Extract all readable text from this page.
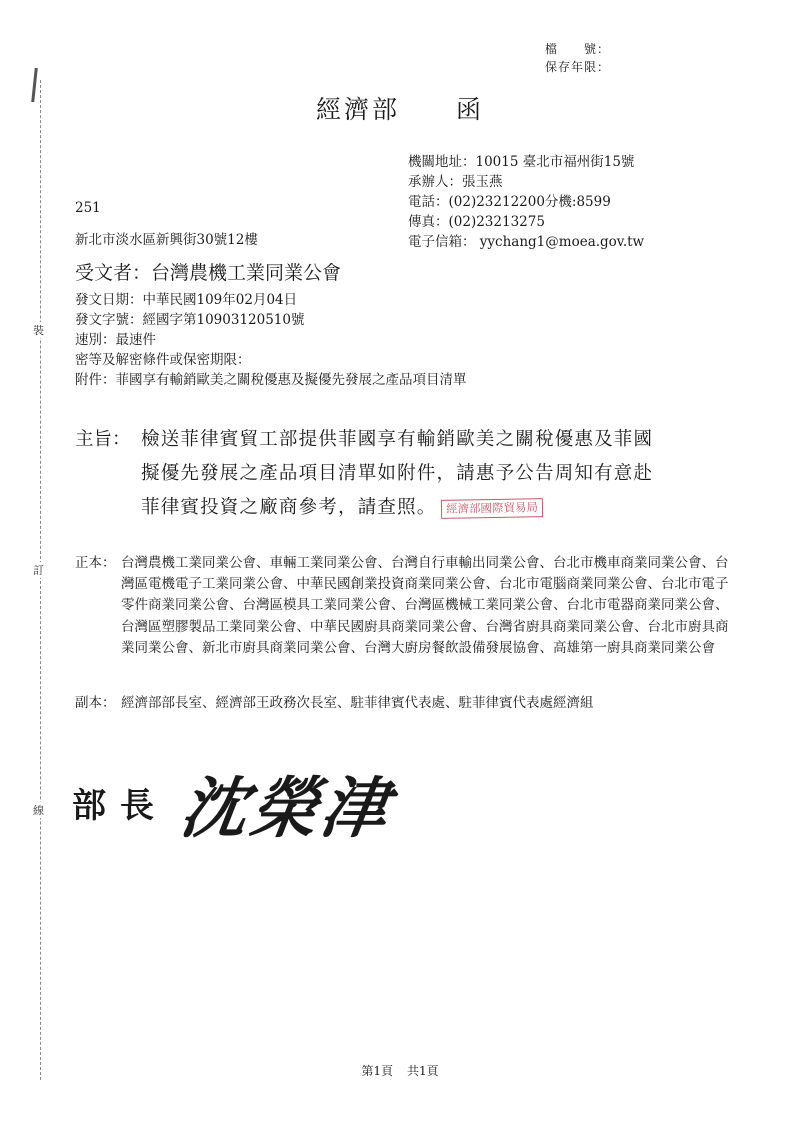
裝
訂
線
檔　　號：
保存年限：
經濟部 函
機關地址：10015 臺北市福州街15號
承辦人：張玉燕
電話：(02)23212200分機:8599
傳真：(02)23213275
電子信箱： yychang1@moea.gov.tw
251
新北市淡水區新興街30號12樓
受文者：台灣農機工業同業公會
發文日期：中華民國109年02月04日
發文字號：經國字第10903120510號
速別：最速件
密等及解密條件或保密期限：
附件：菲國享有輸銷歐美之關稅優惠及擬優先發展之產品項目清單
主旨： 檢送菲律賓貿工部提供菲國享有輸銷歐美之關稅優惠及菲國
擬優先發展之產品項目清單如附件，請惠予公告周知有意赴
菲律賓投資之廠商參考，請查照。 經濟部國際貿易局
正本： 台灣農機工業同業公會、車輛工業同業公會、台灣自行車輸出同業公會、台北市機車商業同業公會、台灣區電機電子工業同業公會、中華民國創業投資商業同業公會、台北市電腦商業同業公會、台北市電子零件商業同業公會、台灣區模具工業同業公會、台灣區機械工業同業公會、台北市電器商業同業公會、台灣區塑膠製品工業同業公會、中華民國廚具商業同業公會、台灣省廚具商業同業公會、台北市廚具商業同業公會、新北市廚具商業同業公會、台灣大廚房餐飲設備發展協會、高雄第一廚具商業同業公會
副本： 經濟部部長室、經濟部王政務次長室、駐菲律賓代表處、駐菲律賓代表處經濟組
部長 沈榮津
第1頁 共1頁
